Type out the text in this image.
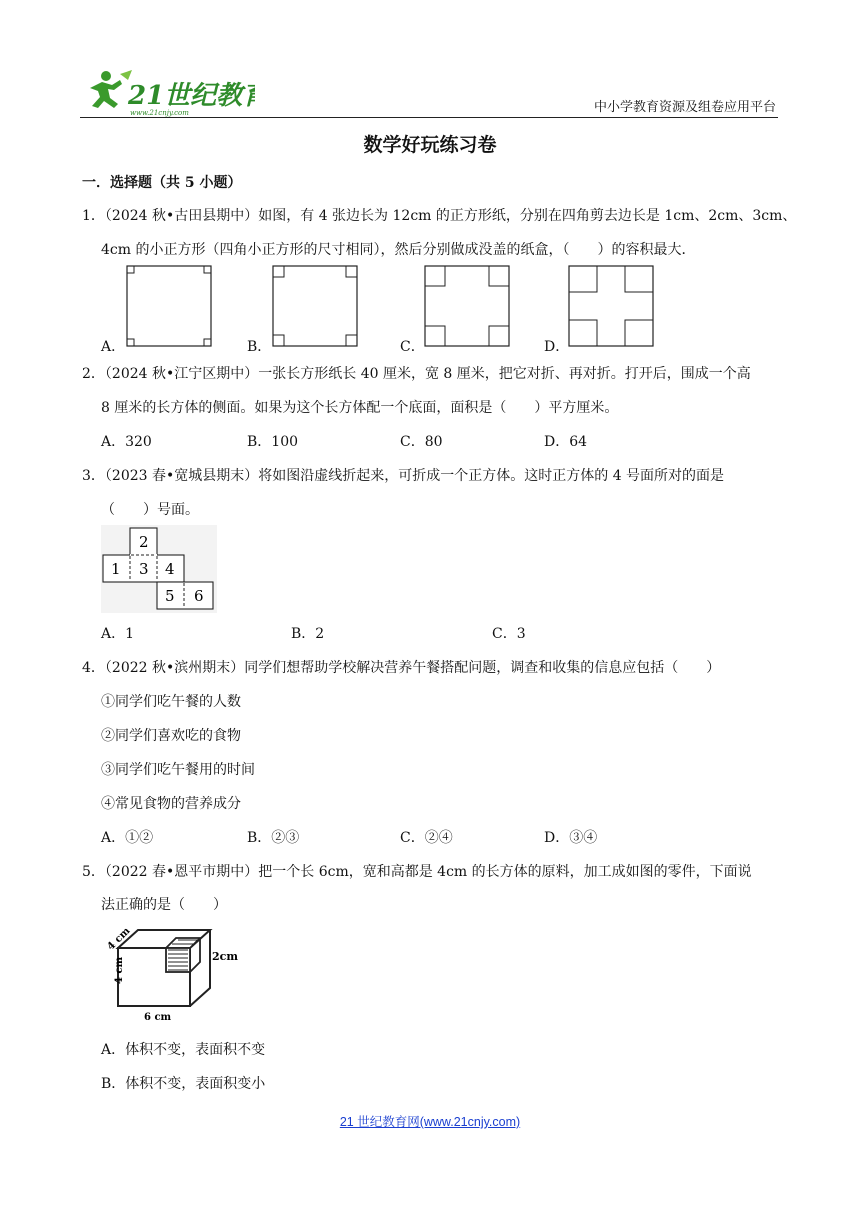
21世纪教育
www.21cnjy.com	中小学教育资源及组卷应用平台
数学好玩练习卷
一．选择题（共 5 小题）
1．（2024 秋•古田县期中）如图，有 4 张边长为 12cm 的正方形纸，分别在四角剪去边长是 1cm、2cm、3cm、
4cm 的小正方形（四角小正方形的尺寸相同），然后分别做成没盖的纸盒，（　　）的容积最大．
A．	B．	C．	D．
2．（2024 秋•江宁区期中）一张长方形纸长 40 厘米，宽 8 厘米，把它对折、再对折。打开后，围成一个高
8 厘米的长方体的侧面。如果为这个长方体配一个底面，面积是（　　）平方厘米。
A．320	B．100	C．80	D．64
3．（2023 春•宽城县期末）将如图沿虚线折起来，可折成一个正方体。这时正方体的 4 号面所对的面是
（　　）号面。
2
1 3 4
5 6
A．1	B．2	C．3
4．（2022 秋•滨州期末）同学们想帮助学校解决营养午餐搭配问题，调查和收集的信息应包括（　　）
①同学们吃午餐的人数
②同学们喜欢吃的食物
③同学们吃午餐用的时间
④常见食物的营养成分
A．①②	B．②③	C．②④	D．③④
5．（2022 春•恩平市期中）把一个长 6cm，宽和高都是 4cm 的长方体的原料，加工成如图的零件，下面说
法正确的是（　　）
4 cm
4 cm
2cm
6 cm
A．体积不变，表面积不变
B．体积不变，表面积变小
21 世纪教育网(www.21cnjy.com)
